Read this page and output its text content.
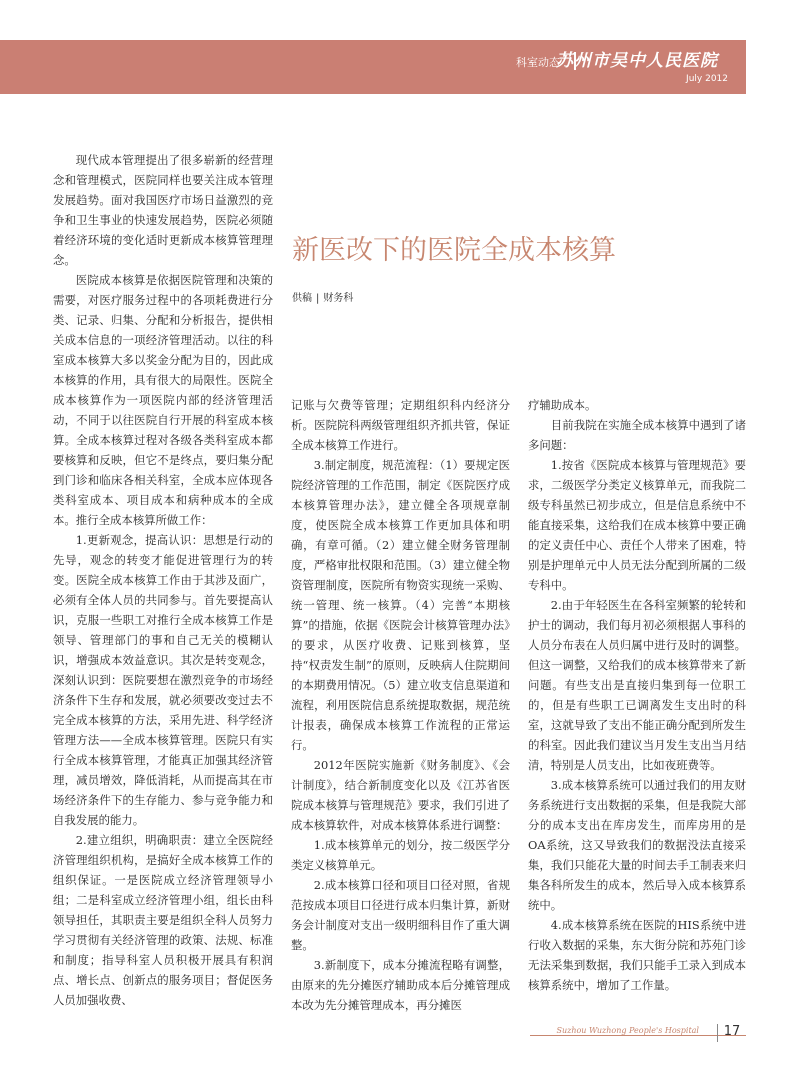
科室动态
苏州市吴中人民医院
July 2012
新医改下的医院全成本核算
供稿 | 财务科

现代成本管理提出了很多崭新的经营理念和管理模式，医院同样也要关注成本管理发展趋势。面对我国医疗市场日益激烈的竞争和卫生事业的快速发展趋势，医院必须随着经济环境的变化适时更新成本核算管理理念。

医院成本核算是依据医院管理和决策的需要，对医疗服务过程中的各项耗费进行分类、记录、归集、分配和分析报告，提供相关成本信息的一项经济管理活动。以往的科室成本核算大多以奖金分配为目的，因此成本核算的作用，具有很大的局限性。医院全成本核算作为一项医院内部的经济管理活动，不同于以往医院自行开展的科室成本核算。全成本核算过程对各级各类科室成本都要核算和反映，但它不是终点，要归集分配到门诊和临床各相关科室，全成本应体现各类科室成本、项目成本和病种成本的全成本。推行全成本核算所做工作：

1.更新观念，提高认识：思想是行动的先导，观念的转变才能促进管理行为的转变。医院全成本核算工作由于其涉及面广，必须有全体人员的共同参与。首先要提高认识，克服一些职工对推行全成本核算工作是领导、管理部门的事和自己无关的模糊认识，增强成本效益意识。其次是转变观念，深刻认识到：医院要想在激烈竞争的市场经济条件下生存和发展，就必须要改变过去不完全成本核算的方法，采用先进、科学经济管理方法——全成本核算管理。医院只有实行全成本核算管理，才能真正加强其经济管理，减员增效，降低消耗，从而提高其在市场经济条件下的生存能力、参与竞争能力和自我发展的能力。

2.建立组织，明确职责：建立全医院经济管理组织机构，是搞好全成本核算工作的组织保证。一是医院成立经济管理领导小组；二是科室成立经济管理小组，组长由科领导担任，其职责主要是组织全科人员努力学习贯彻有关经济管理的政策、法规、标准和制度；指导科室人员积极开展具有积润点、增长点、创新点的服务项目；督促医务人员加强收费、

记账与欠费等管理；定期组织科内经济分析。医院院科两级管理组织齐抓共管，保证全成本核算工作进行。

3.制定制度，规范流程：（1）要规定医院经济管理的工作范围，制定《医院医疗成本核算管理办法》，建立健全各项规章制度，使医院全成本核算工作更加具体和明确，有章可循。（2）建立健全财务管理制度，严格审批权限和范围。（3）建立健全物资管理制度，医院所有物资实现统一采购、统一管理、统一核算。（4）完善“本期核算”的措施，依据《医院会计核算管理办法》的要求，从医疗收费、记账到核算，坚持“权责发生制”的原则，反映病人住院期间的本期费用情况。（5）建立收支信息渠道和流程，利用医院信息系统提取数据，规范统计报表，确保成本核算工作流程的正常运行。

2012年医院实施新《财务制度》、《会计制度》，结合新制度变化以及《江苏省医院成本核算与管理规范》要求，我们引进了成本核算软件，对成本核算体系进行调整：

1.成本核算单元的划分，按二级医学分类定义核算单元。

2.成本核算口径和项目口径对照，省规范按成本项目口径进行成本归集计算，新财务会计制度对支出一级明细科目作了重大调整。

3.新制度下，成本分摊流程略有调整，由原来的先分摊医疗辅助成本后分摊管理成本改为先分摊管理成本，再分摊医

疗辅助成本。

目前我院在实施全成本核算中遇到了诸多问题：

1.按省《医院成本核算与管理规范》要求，二级医学分类定义核算单元，而我院二级专科虽然已初步成立，但是信息系统中不能直接采集，这给我们在成本核算中要正确的定义责任中心、责任个人带来了困难，特别是护理单元中人员无法分配到所属的二级专科中。

2.由于年轻医生在各科室频繁的轮转和护士的调动，我们每月初必须根据人事科的人员分布表在人员归属中进行及时的调整。但这一调整，又给我们的成本核算带来了新问题。有些支出是直接归集到每一位职工的，但是有些职工已调离发生支出时的科室，这就导致了支出不能正确分配到所发生的科室。因此我们建议当月发生支出当月结清，特别是人员支出，比如夜班费等。

3.成本核算系统可以通过我们的用友财务系统进行支出数据的采集，但是我院大部分的成本支出在库房发生，而库房用的是OA系统，这又导致我们的数据没法直接采集，我们只能花大量的时间去手工制表来归集各科所发生的成本，然后导入成本核算系统中。

4.成本核算系统在医院的HIS系统中进行收入数据的采集，东大街分院和苏苑门诊无法采集到数据，我们只能手工录入到成本核算系统中，增加了工作量。

Suzhou Wuzhong People's Hospital	17
